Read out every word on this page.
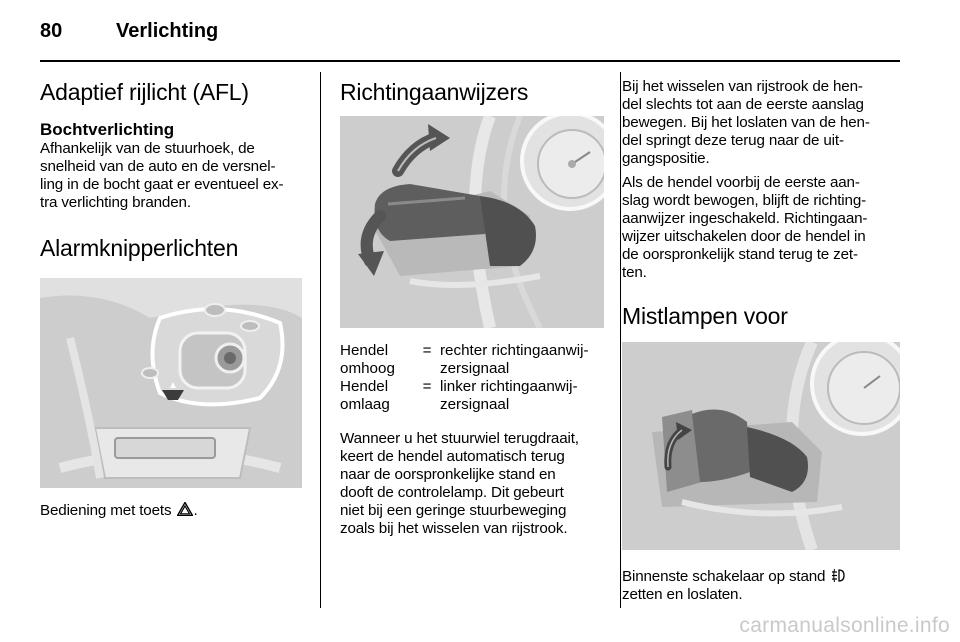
80	Verlichting
Adaptief rijlicht (AFL)
Bochtverlichting

Afhankelijk van de stuurhoek, de
snelheid van de auto en de versnel-
ling in de bocht gaat er eventueel ex-
tra verlichting branden.

Alarmknipperlichten

Bediening met toets .

Richtingaanwijzers
Hendel
omhoog	=	rechter richtingaanwij-
zersignaal
Hendel
omlaag	=	linker richtingaanwij-
zersignaal

Wanneer u het stuurwiel terugdraait,
keert de hendel automatisch terug
naar de oorspronkelijke stand en
dooft de controlelamp. Dit gebeurt
niet bij een geringe stuurbeweging
zoals bij het wisselen van rijstrook.

Bij het wisselen van rijstrook de hen-
del slechts tot aan de eerste aanslag
bewegen. Bij het loslaten van de hen-
del springt deze terug naar de uit-
gangspositie.

Als de hendel voorbij de eerste aan-
slag wordt bewogen, blijft de richting-
aanwijzer ingeschakeld. Richtingaan-
wijzer uitschakelen door de hendel in
de oorspronkelijk stand terug te zet-
ten.

Mistlampen voor

Binnenste schakelaar op stand
zetten en loslaten.

carmanualsonline.info
